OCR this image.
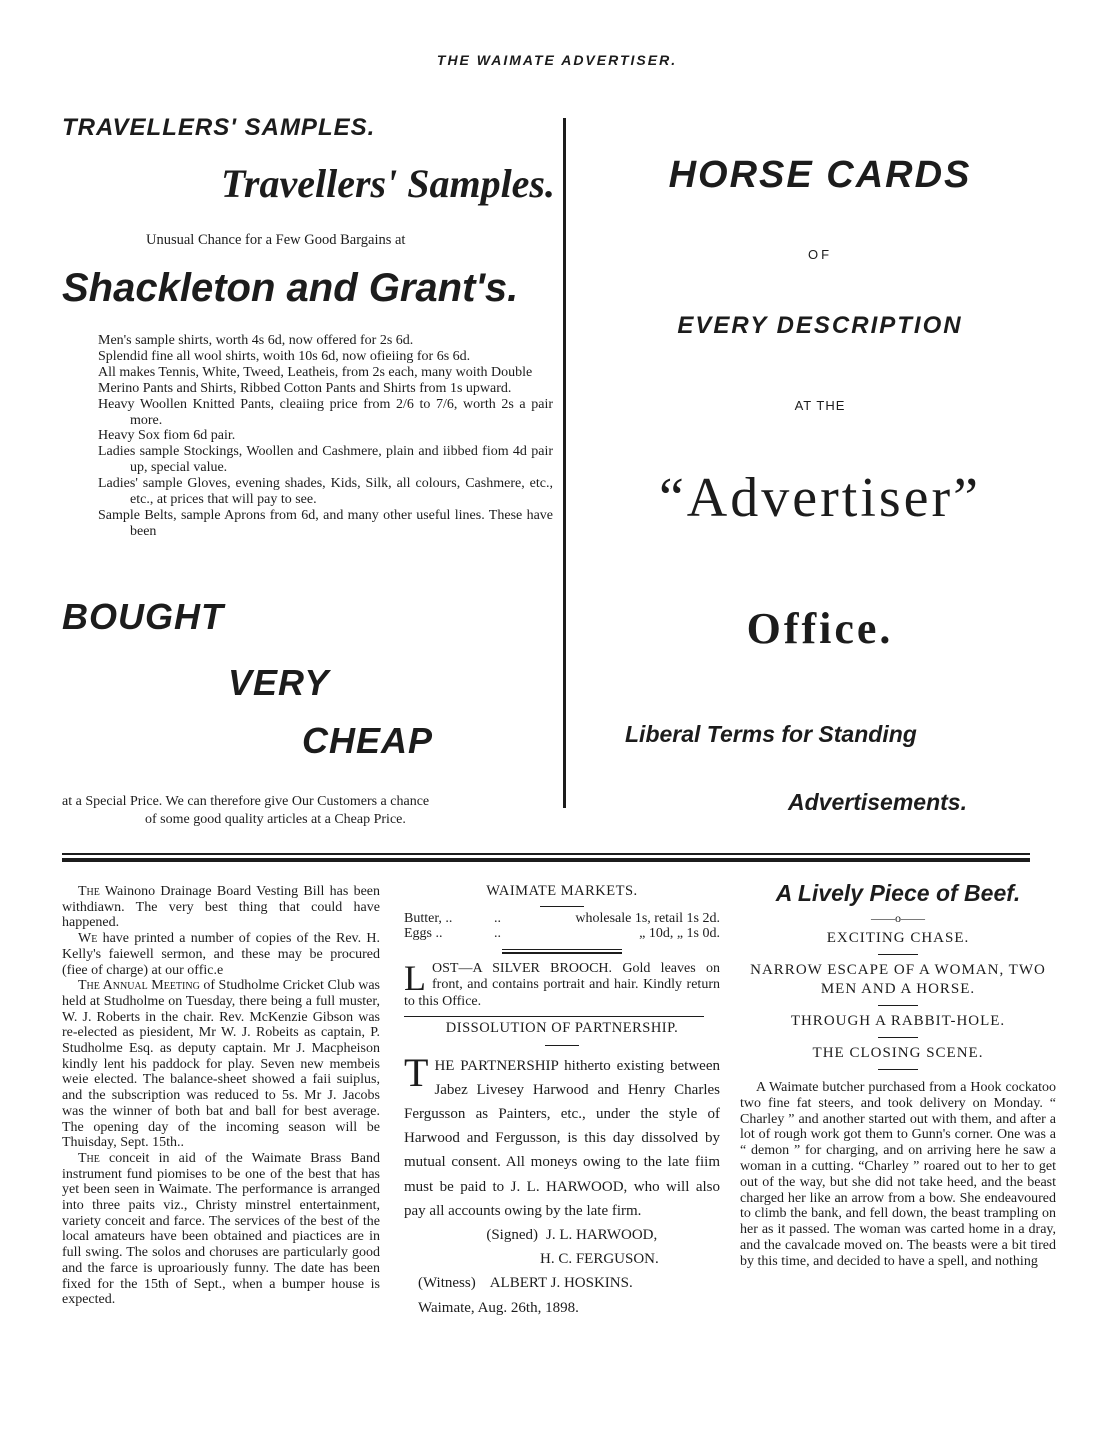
THE WAIMATE ADVERTISER.
TRAVELLERS' SAMPLES.
Travellers' Samples.
Unusual Chance for a Few Good Bargains at
Shackleton and Grant's.
Men's sample shirts, worth 4s 6d, now offered for 2s 6d.
Splendid fine all wool shirts, woith 10s 6d, now ofieiing for 6s 6d.
All makes Tennis, White, Tweed, Leatheis, from 2s each, many woith Double
Merino Pants and Shirts, Ribbed Cotton Pants and Shirts from 1s upward.
Heavy Woollen Knitted Pants, cleaiing price from 2/6 to 7/6, worth 2s a pair more.
Heavy Sox fiom 6d pair.
Ladies sample Stockings, Woollen and Cashmere, plain and iibbed fiom 4d pair up, special value.
Ladies' sample Gloves, evening shades, Kids, Silk, all colours, Cashmere, etc., etc., at prices that will pay to see.
Sample Belts, sample Aprons from 6d, and many other useful lines. These have been
BOUGHT
VERY
CHEAP
at a Special Price. We can therefore give Our Customers a chance
of some good quality articles at a Cheap Price.
HORSE CARDS
OF
EVERY DESCRIPTION
AT THE
“Advertiser”
Office.
Liberal Terms for Standing
Advertisements.

The Wainono Drainage Board Vesting Bill has been withdiawn. The very best thing that could have happened.

We have printed a number of copies of the Rev. H. Kelly's faiewell sermon, and these may be procured (fiee of charge) at our offic.e

The Annual Meeting of Studholme Cricket Club was held at Studholme on Tuesday, there being a full muster, W. J. Roberts in the chair. Rev. McKenzie Gibson was re-elected as piesident, Mr W. J. Robeits as captain, P. Studholme Esq. as deputy captain. Mr J. Macpheison kindly lent his paddock for play. Seven new membeis weie elected. The balance-sheet showed a faii suiplus, and the subscription was reduced to 5s. Mr J. Jacobs was the winner of both bat and ball for best average. The opening day of the incoming season will be Thuisday, Sept. 15th..

The conceit in aid of the Waimate Brass Band instrument fund piomises to be one of the best that has yet been seen in Waimate. The performance is arranged into three paits viz., Christy minstrel entertainment, variety conceit and farce. The services of the best of the local amateurs have been obtained and piactices are in full swing. The solos and choruses are particularly good and the farce is uproariously funny. The date has been fixed for the 15th of Sept., when a bumper house is expected.

WAIMATE MARKETS.
Butter, ..	..	wholesale 1s, retail 1s 2d.
Eggs ..	..	„ 10d, „ 1s 0d.
LOST—A SILVER BROOCH. Gold leaves on front, and contains portrait and hair. Kindly return to this Office.
DISSOLUTION OF PARTNERSHIP.
THE PARTNERSHIP hitherto existing between Jabez Livesey Harwood and Henry Charles Fergusson as Painters, etc., under the style of Harwood and Fergusson, is this day dissolved by mutual consent. All moneys owing to the late fiim must be paid to J. L. HARWOOD, who will also pay all accounts owing by the late firm.
(Signed) J. L. HARWOOD,
H. C. FERGUSON.
(Witness) ALBERT J. HOSKINS.
Waimate, Aug. 26th, 1898.
A Lively Piece of Beef.
——o——
EXCITING CHASE.
NARROW ESCAPE OF A WOMAN, TWO MEN AND A HORSE.
THROUGH A RABBIT-HOLE.
THE CLOSING SCENE.

A Waimate butcher purchased from a Hook cockatoo two fine fat steers, and took delivery on Monday. “ Charley ” and another started out with them, and after a lot of rough work got them to Gunn's corner. One was a “ demon ” for charging, and on arriving here he saw a woman in a cutting. “Charley ” roared out to her to get out of the way, but she did not take heed, and the beast charged her like an arrow from a bow. She endeavoured to climb the bank, and fell down, the beast trampling on her as it passed. The woman was carted home in a dray, and the cavalcade moved on. The beasts were a bit tired by this time, and decided to have a spell, and nothing
